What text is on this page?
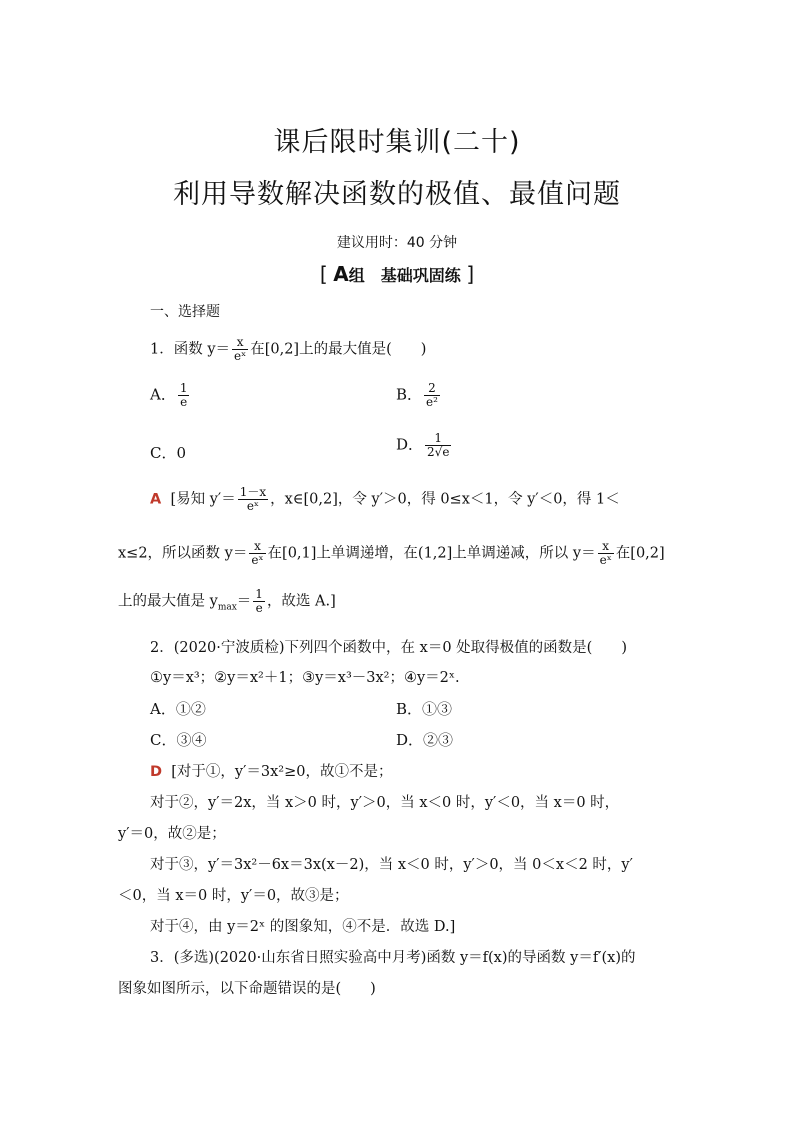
课后限时集训(二十)
利用导数解决函数的极值、最值问题
建议用时：40 分钟
[ A组　基础巩固练 ]
一、选择题
1．函数 $y= \frac{x}{\text{eˣ}}$ 在[0,2]上的最大值是(　　)
A． $\frac{1}{e}$	B． $\frac{2}{\text{e²}}$
C．0	D． $\frac{1}{2√e}$
A [易知 $y'= \frac{1-x}{\text{eˣ}}$ ，x∈[0,2]，令 y′＞0，得 0≤x＜1，令 y′＜0，得 1＜
x≤2，所以函数 $y= \frac{x}{\text{eˣ}}$ 在[0,1]上单调递增，在(1,2]上单调递减，所以 $y= \frac{x}{\text{eˣ}}$ 在[0,2]
上的最大值是 $y_{max}= \frac{1}{e}$ ，故选 A.]
2．(2020·宁波质检)下列四个函数中，在 x＝0 处取得极值的函数是(　　)
①y＝x³；②y＝x²＋1；③y＝x³－3x²；④y＝2ˣ.
A．①②	B．①③
C．③④	D．②③
D [对于①，y′＝3x²≥0，故①不是；
对于②，y′＝2x，当 x＞0 时，y′＞0，当 x＜0 时，y′＜0，当 x＝0 时，
y′＝0，故②是；
对于③，y′＝3x²－6x＝3x(x－2)，当 x＜0 时，y′＞0，当 0＜x＜2 时，y′
＜0，当 x＝0 时，y′＝0，故③是；
对于④，由 y＝2ˣ 的图象知，④不是．故选 D.]
3．(多选)(2020·山东省日照实验高中月考)函数 y＝f(x)的导函数 y＝f′(x)的
图象如图所示，以下命题错误的是(　　)
